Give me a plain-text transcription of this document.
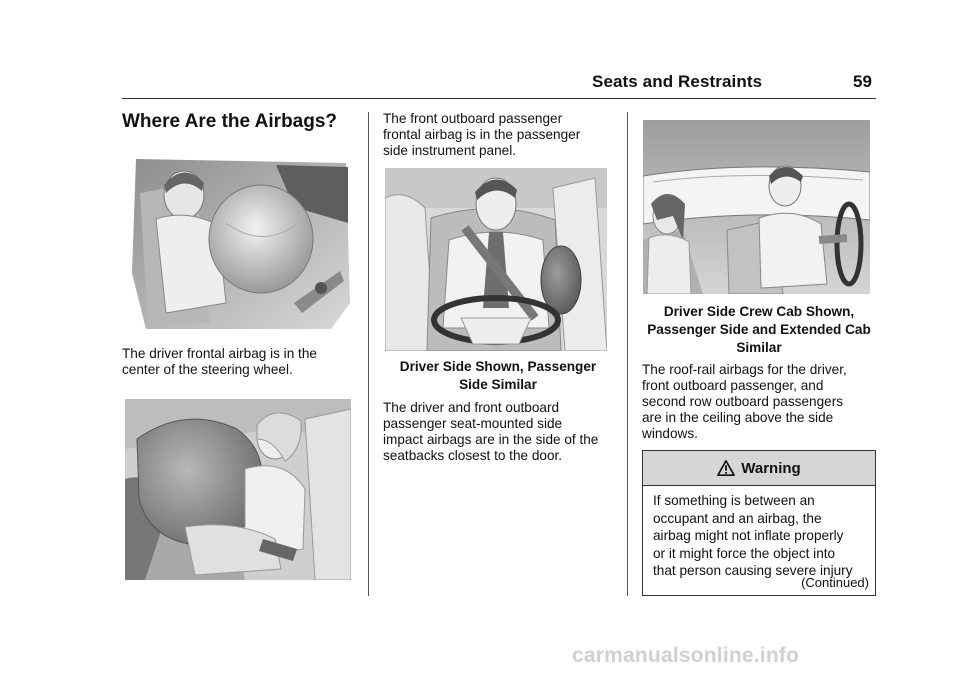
Seats and Restraints	59
Where Are the Airbags?
The driver frontal airbag is in the
center of the steering wheel.
The front outboard passenger
frontal airbag is in the passenger
side instrument panel.
Driver Side Shown, Passenger
Side Similar
The driver and front outboard
passenger seat-mounted side
impact airbags are in the side of the
seatbacks closest to the door.
Driver Side Crew Cab Shown,
Passenger Side and Extended Cab
Similar
The roof-rail airbags for the driver,
front outboard passenger, and
second row outboard passengers
are in the ceiling above the side
windows.
Warning
If something is between an
occupant and an airbag, the
airbag might not inflate properly
or it might force the object into
that person causing severe injury
(Continued)
carmanualsonline.info
